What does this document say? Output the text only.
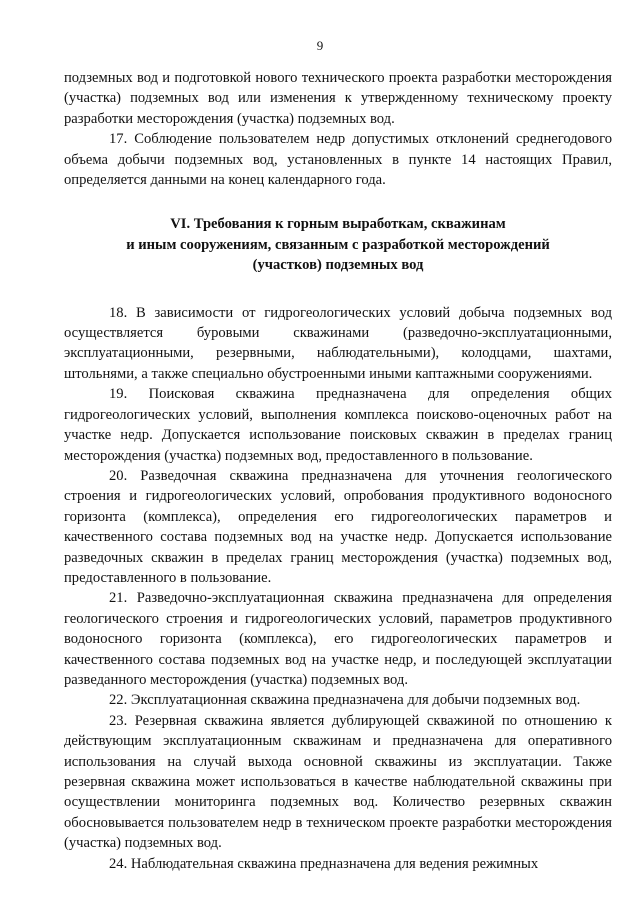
9

подземных вод и подготовкой нового технического проекта разработки месторождения (участка) подземных вод или изменения к утвержденному техническому проекту разработки месторождения (участка) подземных вод.

17. Соблюдение пользователем недр допустимых отклонений среднегодового объема добычи подземных вод, установленных в пункте 14 настоящих Правил, определяется данными на конец календарного года.

VI. Требования к горным выработкам, скважинам
и иным сооружениям, связанным с разработкой месторождений
(участков) подземных вод

18. В зависимости от гидрогеологических условий добыча подземных вод осуществляется буровыми скважинами (разведочно-эксплуатационными, эксплуатационными, резервными, наблюдательными), колодцами, шахтами, штольнями, а также специально обустроенными иными каптажными сооружениями.

19. Поисковая скважина предназначена для определения общих гидрогеологических условий, выполнения комплекса поисково-оценочных работ на участке недр. Допускается использование поисковых скважин в пределах границ месторождения (участка) подземных вод, предоставленного в пользование.

20. Разведочная скважина предназначена для уточнения геологического строения и гидрогеологических условий, опробования продуктивного водоносного горизонта (комплекса), определения его гидрогеологических параметров и качественного состава подземных вод на участке недр. Допускается использование разведочных скважин в пределах границ месторождения (участка) подземных вод, предоставленного в пользование.

21. Разведочно-эксплуатационная скважина предназначена для определения геологического строения и гидрогеологических условий, параметров продуктивного водоносного горизонта (комплекса), его гидрогеологических параметров и качественного состава подземных вод на участке недр, и последующей эксплуатации разведанного месторождения (участка) подземных вод.

22. Эксплуатационная скважина предназначена для добычи подземных вод.

23. Резервная скважина является дублирующей скважиной по отношению к действующим эксплуатационным скважинам и предназначена для оперативного использования на случай выхода основной скважины из эксплуатации. Также резервная скважина может использоваться в качестве наблюдательной скважины при осуществлении мониторинга подземных вод. Количество резервных скважин обосновывается пользователем недр в техническом проекте разработки месторождения (участка) подземных вод.

24. Наблюдательная скважина предназначена для ведения режимных
